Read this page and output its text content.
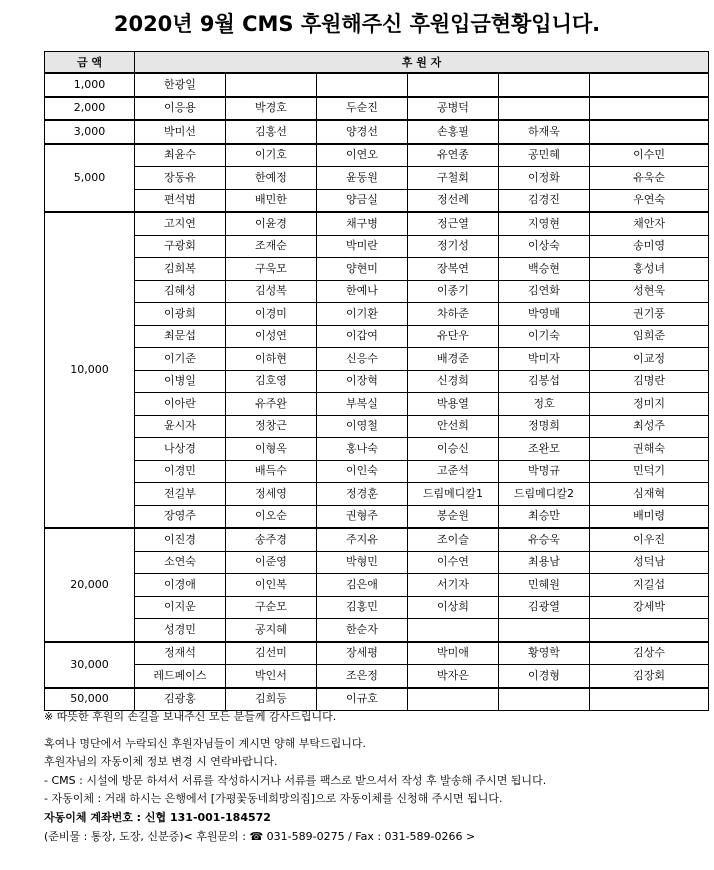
2020년 9월 CMS 후원해주신 후원입금현황입니다.
금 액	후 원 자					
1,000	한광일					
2,000	이응용	박경호	두순진	공병덕		
3,000	박미선	김홍선	양경선	손홍필	하재욱	
5,000	최윤수	이기호	이연오	유연종	공민혜	이수민
	장동유	한예정	윤동원	구철회	이정화	유욱순
	편석범	배민한	양금실	정선례	김경진	우연숙
10,000	고지연	이윤경	채구병	정근열	지영현	채안자
	구광회	조재순	박미란	정기성	이상숙	송미영
	김희복	구욱모	양현미	장복연	백승현	홍성녀
	김혜성	김성복	한예나	이종기	김연화	성현욱
	이광희	이경미	이기환	차하준	박영매	권기풍
	최문섭	이성연	이갑여	유단우	이기숙	임희준
	이기준	이하현	신응수	배경준	박미자	이교정
	이병일	김호영	이장혁	신경희	김봉섭	김명란
	이아란	유주완	부복실	박용열	정호	정미지
	윤시자	정창근	이영철	안선희	정명희	최성주
	나상경	이형옥	홍나숙	이승신	조완모	권해숙
	이경민	배득수	이인숙	고준석	박명규	민덕기
	전길부	정세영	정경훈	드림메디칼1	드림메디칼2	심재혁
	장영주	이오순	권형주	봉순원	최승만	배미령
20,000	이진경	송주경	주지유	조이슬	유승욱	이우진
	소연숙	이준영	박형민	이수연	최용남	성덕남
	이경애	이인복	김은애	서기자	민혜원	지길섭
	이지운	구순모	김홍민	이상희	김광열	강세박
	성경민	공지혜	한순자			
30,000	정재석	김선미	장세평	박미애	황영학	김상수
	레드페이스	박인서	조은정	박자은	이경형	김장회
50,000	김광홍	김희등	이규호			
※ 따뜻한 후원의 손길을 보내주신 모든 분들께 감사드립니다.
혹여나 명단에서 누락되신 후원자님들이 계시면 양해 부탁드립니다.
후원자님의 자동이체 정보 변경 시 연락바랍니다.
- CMS : 시설에 방문 하셔서 서류를 작성하시거나 서류를 팩스로 받으셔서 작성 후 발송해 주시면 됩니다.
- 자동이체 : 거래 하시는 은행에서 [가평꽃동네희망의집]으로 자동이체를 신청해 주시면 됩니다.
자동이체 계좌번호 : 신협 131-001-184572
(준비물 : 통장, 도장, 신분증)< 후원문의 : ☎ 031-589-0275 / Fax : 031-589-0266 >
